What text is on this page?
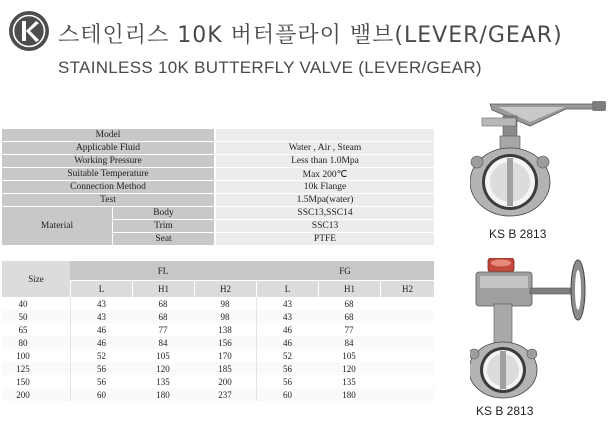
스테인리스 10K 버터플라이 밸브(LEVER/GEAR)
STAINLESS 10K BUTTERFLY VALVE (LEVER/GEAR)
Model		
Applicable Fluid		Water , Air , Steam
Working Pressure		Less than 1.0Mpa
Suitable Temperature		Max 200℃
Connection Method		10k Flange
Test		1.5Mpa(water)
Material	Body	SSC13,SSC14
	Trim	SSC13
	Seat	PTFE
Size	FL			FG		
	L	H1	H2	L	H1	H2
40	43	68	98	43	68	
50	43	68	98	43	68	
65	46	77	138	46	77	
80	46	84	156	46	84	
100	52	105	170	52	105	
125	56	120	185	56	120	
150	56	135	200	56	135	
200	60	180	237	60	180	
KS B 2813
KS B 2813
